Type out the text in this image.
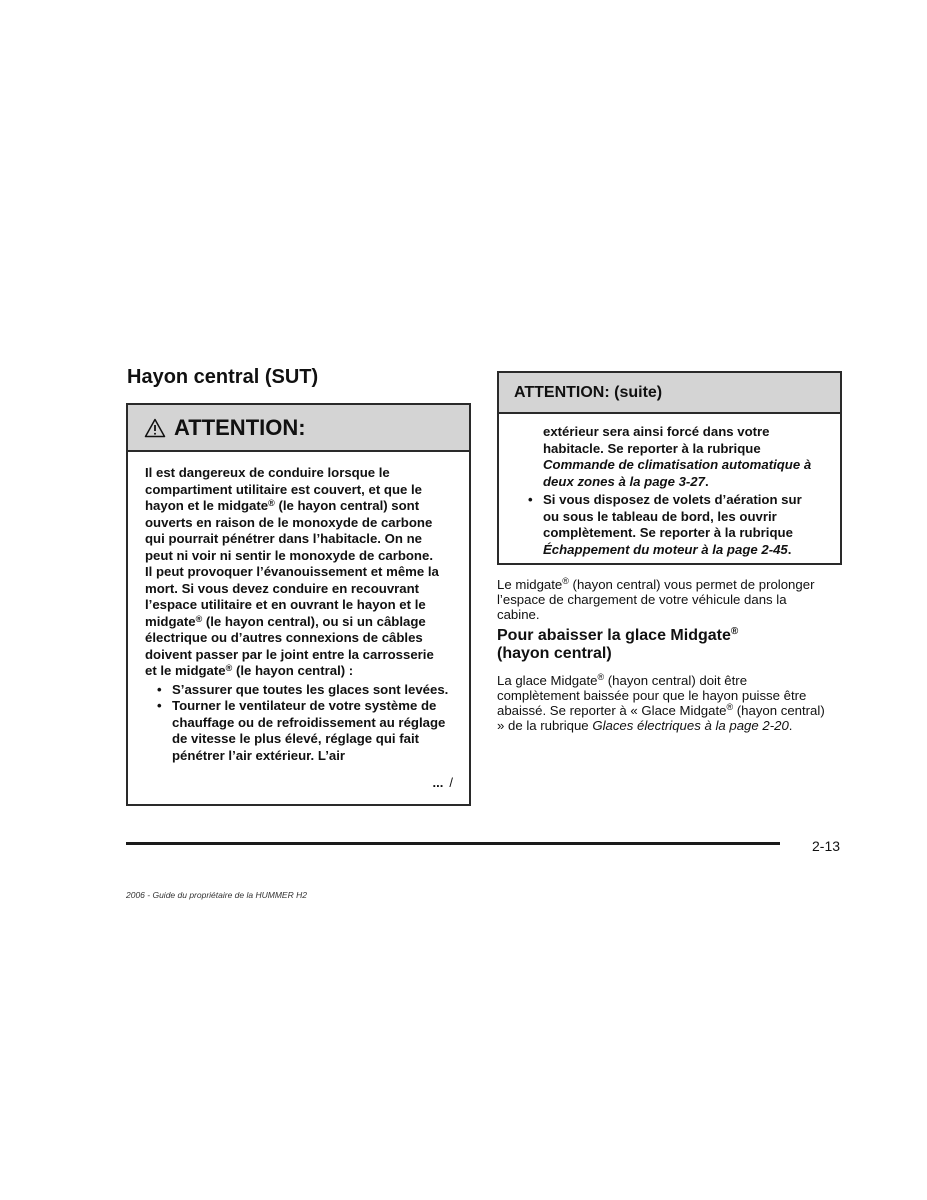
Hayon central (SUT)
ATTENTION:

Il est dangereux de conduire lorsque le
compartiment utilitaire est couvert, et que le
hayon et le midgate® (le hayon central) sont
ouverts en raison de le monoxyde de carbone
qui pourrait pénétrer dans l’habitacle. On ne
peut ni voir ni sentir le monoxyde de carbone.
Il peut provoquer l’évanouissement et même la
mort. Si vous devez conduire en recouvrant
l’espace utilitaire et en ouvrant le hayon et le
midgate® (le hayon central), ou si un câblage
électrique ou d’autres connexions de câbles
doivent passer par le joint entre la carrosserie
et le midgate® (le hayon central) :

• S’assurer que toutes les glaces sont levées.
• Tourner le ventilateur de votre système de chauffage ou de refroidissement au réglage de vitesse le plus élevé, réglage qui fait pénétrer l’air extérieur. L’air
... /
ATTENTION: (suite)

extérieur sera ainsi forcé dans votre habitacle. Se reporter à la rubrique Commande de climatisation automatique à deux zones à la page 3-27.

• Si vous disposez de volets d’aération sur ou sous le tableau de bord, les ouvrir complètement. Se reporter à la rubrique Échappement du moteur à la page 2-45.

Le midgate® (hayon central) vous permet de prolonger l’espace de chargement de votre véhicule dans la cabine.

Pour abaisser la glace Midgate®
(hayon central)

La glace Midgate® (hayon central) doit être complètement baissée pour que le hayon puisse être abaissé. Se reporter à « Glace Midgate® (hayon central) » de la rubrique Glaces électriques à la page 2-20.

2-13
2006 - Guide du propriétaire de la HUMMER H2
